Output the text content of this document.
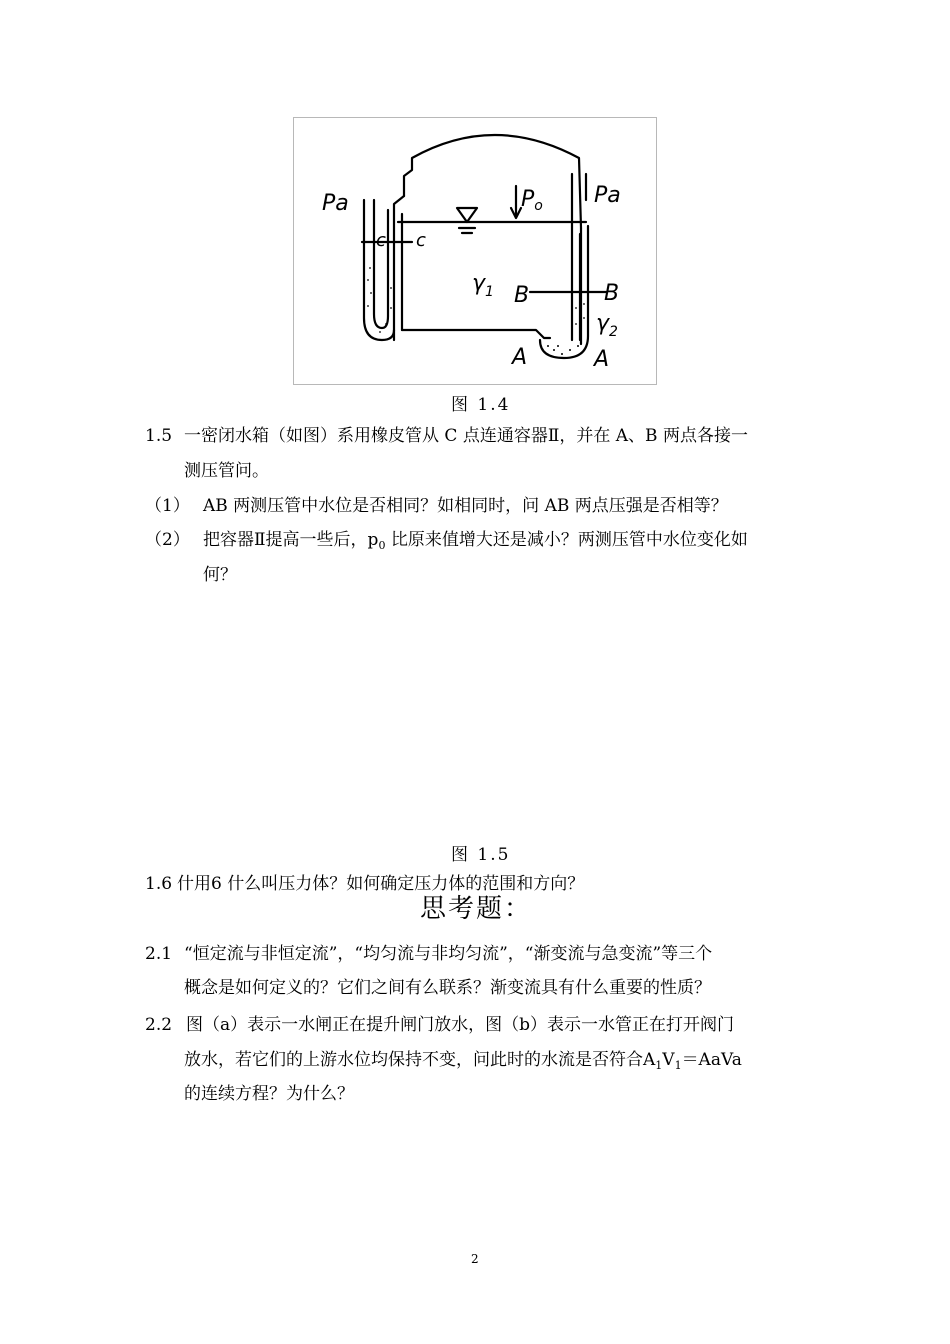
Pa	Pa
Po
c c
$\gamma_1$ B	B
$\gamma_2$
A	A
图 1.4
1.5 一密闭水箱（如图）系用橡皮管从 C 点连通容器Ⅱ，并在 A、B 两点各接一
测压管问。
（1） AB 两测压管中水位是否相同？如相同时，问 AB 两点压强是否相等？
（2） 把容器Ⅱ提高一些后，$p_0$ 比原来值增大还是减小？两测压管中水位变化如
何？
图 1.5
1.6 什用6 什么叫压力体？如何确定压力体的范围和方向？
思考题：
2.1 “恒定流与非恒定流”，“均匀流与非均匀流”，“渐变流与急变流”等三个
概念是如何定义的？它们之间有么联系？渐变流具有什么重要的性质？
2.2 图（a）表示一水闸正在提升闸门放水，图（b）表示一水管正在打开阀门
放水，若它们的上游水位均保持不变，问此时的水流是否符合$A_1V_1=AaVa$
的连续方程？为什么？
2
